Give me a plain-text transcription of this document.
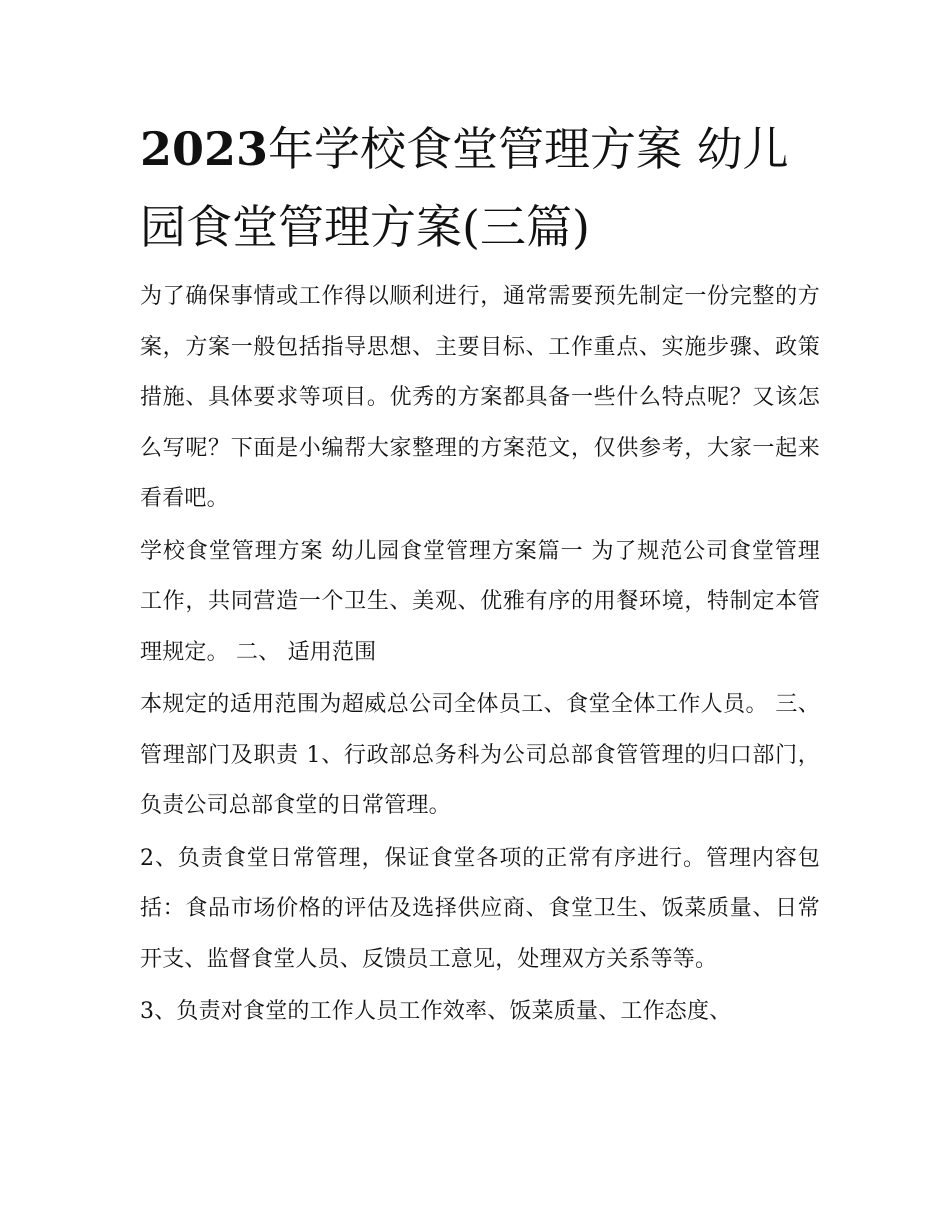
2023年学校食堂管理方案 幼儿园食堂管理方案(三篇)

为了确保事情或工作得以顺利进行，通常需要预先制定一份完整的方案，方案一般包括指导思想、主要目标、工作重点、实施步骤、政策措施、具体要求等项目。优秀的方案都具备一些什么特点呢？又该怎么写呢？下面是小编帮大家整理的方案范文，仅供参考，大家一起来看看吧。

学校食堂管理方案 幼儿园食堂管理方案篇一 为了规范公司食堂管理工作，共同营造一个卫生、美观、优雅有序的用餐环境，特制定本管理规定。 二、 适用范围

本规定的适用范围为超威总公司全体员工、食堂全体工作人员。 三、管理部门及职责 1、行政部总务科为公司总部食管管理的归口部门，负责公司总部食堂的日常管理。

2、负责食堂日常管理，保证食堂各项的正常有序进行。管理内容包括：食品市场价格的评估及选择供应商、食堂卫生、饭菜质量、日常开支、监督食堂人员、反馈员工意见，处理双方关系等等。

3、负责对食堂的工作人员工作效率、饭菜质量、工作态度、
